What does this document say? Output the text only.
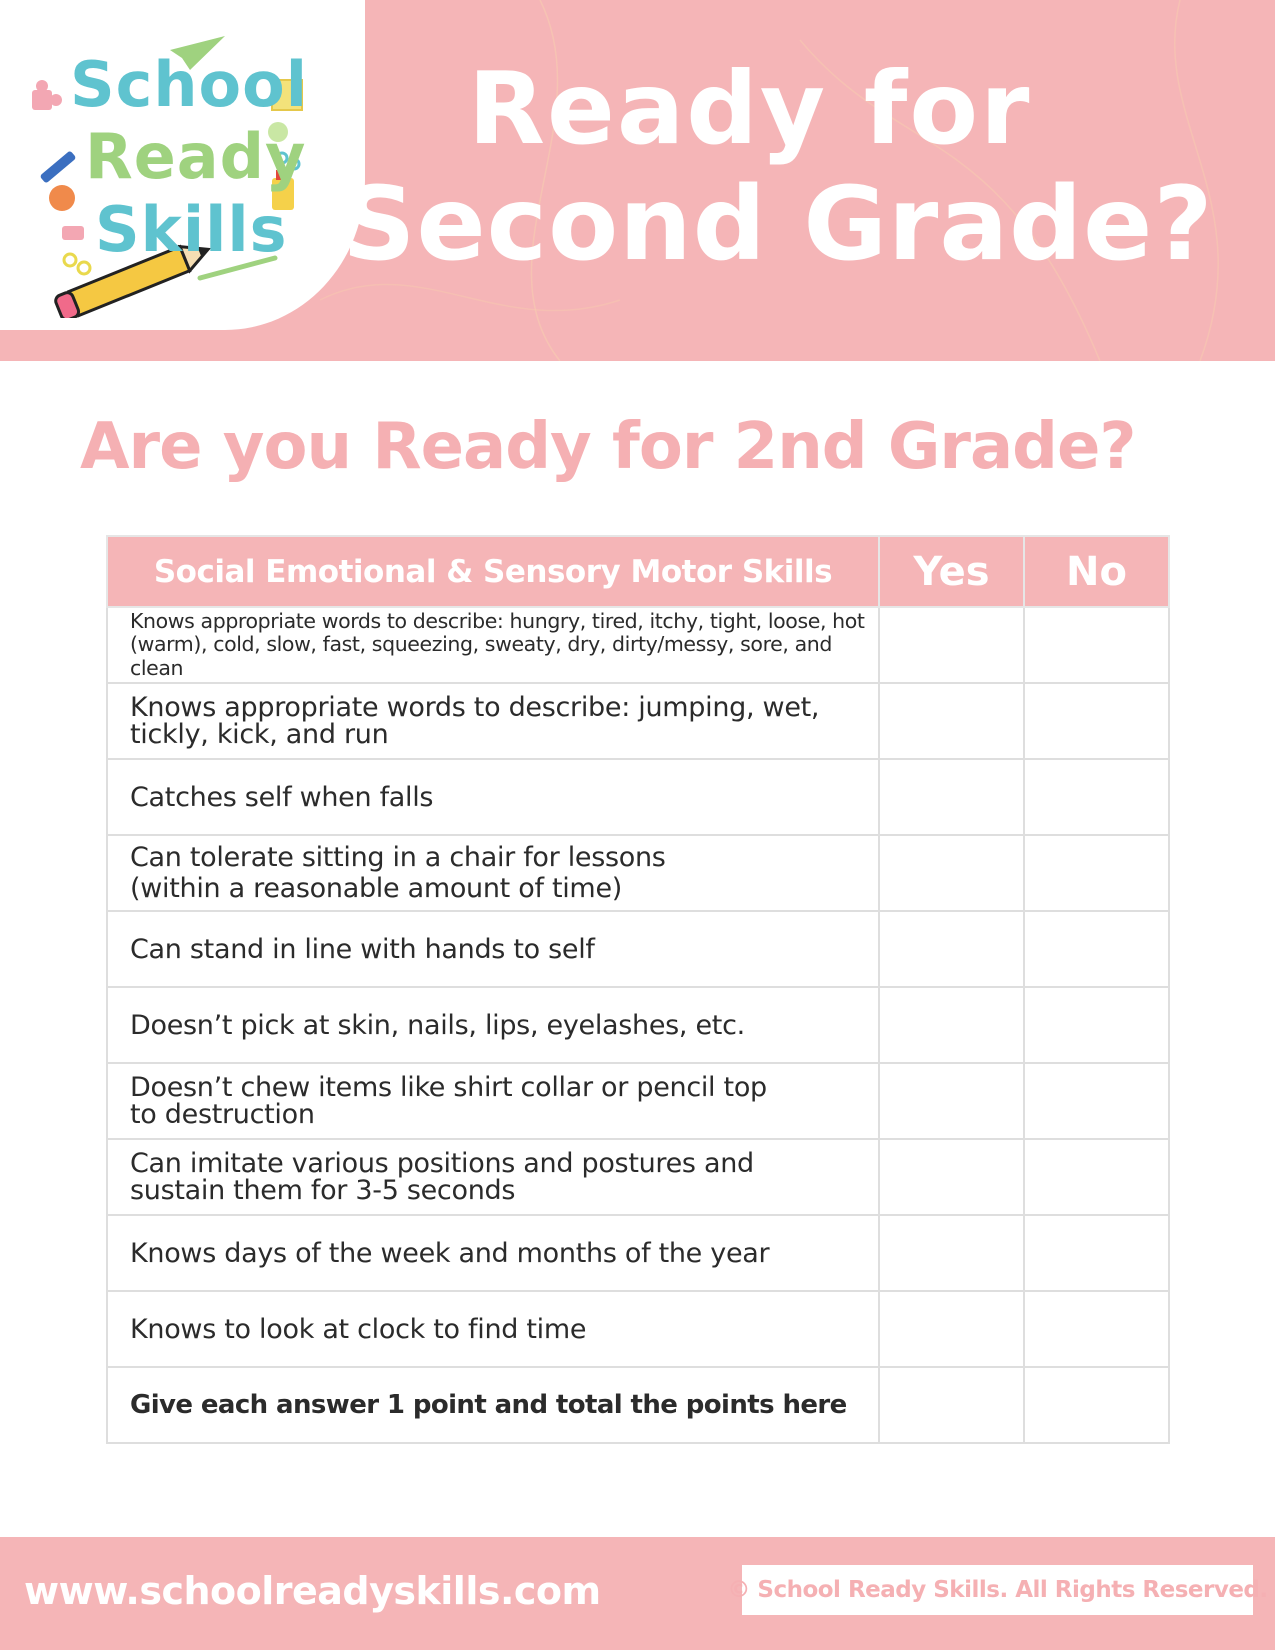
School
Ready
Skills
Ready for
Second Grade?
Are you Ready for 2nd Grade?
Social Emotional & Sensory Motor Skills	Yes	No

Knows appropriate words to describe: hungry, tired, itchy, tight, loose, hot
(warm), cold, slow, fast, squeezing, sweaty, dry, dirty/messy, sore, and clean		

Knows appropriate words to describe: jumping, wet,
tickly, kick, and run		

Catches self when falls		

Can tolerate sitting in a chair for lessons
(within a reasonable amount of time)		

Can stand in line with hands to self		

Doesn’t pick at skin, nails, lips, eyelashes, etc.		

Doesn’t chew items like shirt collar or pencil top
to destruction		

Can imitate various positions and postures and
sustain them for 3-5 seconds		

Knows days of the week and months of the year		

Knows to look at clock to find time		

Give each answer 1 point and total the points here		
www.schoolreadyskills.com	© School Ready Skills. All Rights Reserved.
